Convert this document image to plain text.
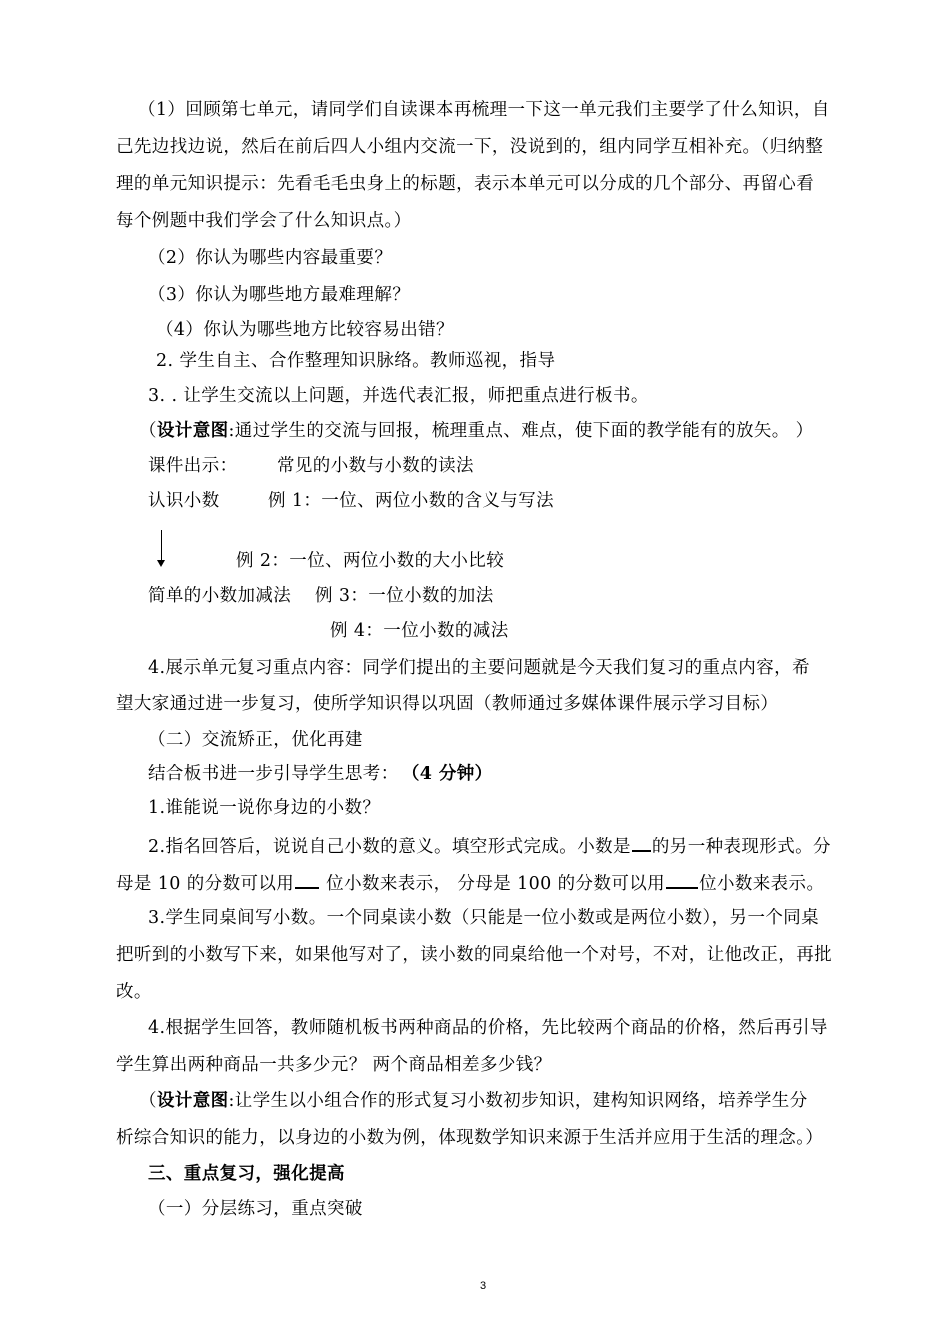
（1）回顾第七单元，请同学们自读课本再梳理一下这一单元我们主要学了什么知识，自
己先边找边说，然后在前后四人小组内交流一下，没说到的，组内同学互相补充。（归纳整
理的单元知识提示：先看毛毛虫身上的标题，表示本单元可以分成的几个部分、再留心看
每个例题中我们学会了什么知识点。）
（2）你认为哪些内容最重要？
（3）你认为哪些地方最难理解？
（4）你认为哪些地方比较容易出错？
2. 学生自主、合作整理知识脉络。教师巡视，指导
3. . 让学生交流以上问题，并选代表汇报，师把重点进行板书。
（设计意图:通过学生的交流与回报，梳理重点、难点，使下面的教学能有的放矢。 ）
课件出示： 常见的小数与小数的读法
认识小数	例 1：一位、两位小数的含义与写法
例 2：一位、两位小数的大小比较
简单的小数加减法 例 3：一位小数的加法
例 4：一位小数的减法
4.展示单元复习重点内容：同学们提出的主要问题就是今天我们复习的重点内容，希
望大家通过进一步复习，使所学知识得以巩固（教师通过多媒体课件展示学习目标）
（二）交流矫正，优化再建
结合板书进一步引导学生思考： （4 分钟）
1.谁能说一说你身边的小数？
2.指名回答后，说说自己小数的意义。填空形式完成。小数是 的另一种表现形式。分
母是 10 的分数可以用 位小数来表示， 分母是 100 的分数可以用 位小数来表示。
3.学生同桌间写小数。一个同桌读小数（只能是一位小数或是两位小数），另一个同桌
把听到的小数写下来，如果他写对了，读小数的同桌给他一个对号，不对，让他改正，再批
改。
4.根据学生回答，教师随机板书两种商品的价格，先比较两个商品的价格，然后再引导
学生算出两种商品一共多少元？ 两个商品相差多少钱？
（设计意图:让学生以小组合作的形式复习小数初步知识，建构知识网络，培养学生分
析综合知识的能力，以身边的小数为例，体现数学知识来源于生活并应用于生活的理念。）
三、重点复习，强化提高
（一）分层练习，重点突破
3
